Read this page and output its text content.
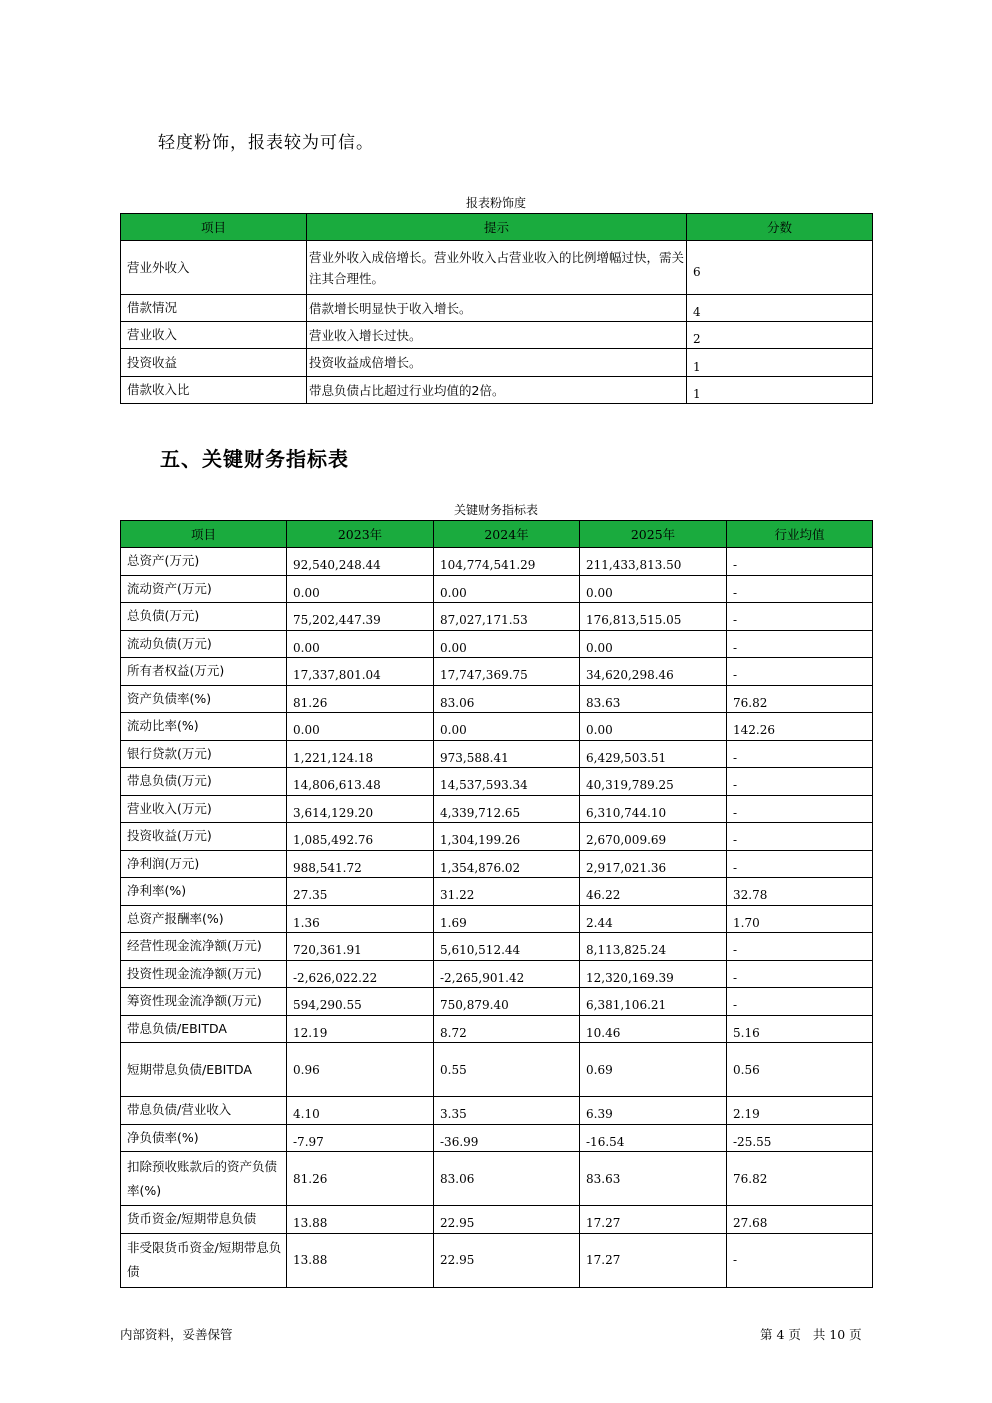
轻度粉饰，报表较为可信。
报表粉饰度
项目	提示	分数
营业外收入	营业外收入成倍增长。营业外收入占营业收入的比例增幅过快，需关注其合理性。	6
借款情况	借款增长明显快于收入增长。	4
营业收入	营业收入增长过快。	2
投资收益	投资收益成倍增长。	1
借款收入比	带息负债占比超过行业均值的2倍。	1
五、关键财务指标表
关键财务指标表
项目	2023年	2024年	2025年	行业均值
总资产(万元)	92,540,248.44	104,774,541.29	211,433,813.50	-
流动资产(万元)	0.00	0.00	0.00	-
总负债(万元)	75,202,447.39	87,027,171.53	176,813,515.05	-
流动负债(万元)	0.00	0.00	0.00	-
所有者权益(万元)	17,337,801.04	17,747,369.75	34,620,298.46	-
资产负债率(%)	81.26	83.06	83.63	76.82
流动比率(%)	0.00	0.00	0.00	142.26
银行贷款(万元)	1,221,124.18	973,588.41	6,429,503.51	-
带息负债(万元)	14,806,613.48	14,537,593.34	40,319,789.25	-
营业收入(万元)	3,614,129.20	4,339,712.65	6,310,744.10	-
投资收益(万元)	1,085,492.76	1,304,199.26	2,670,009.69	-
净利润(万元)	988,541.72	1,354,876.02	2,917,021.36	-
净利率(%)	27.35	31.22	46.22	32.78
总资产报酬率(%)	1.36	1.69	2.44	1.70
经营性现金流净额(万元)	720,361.91	5,610,512.44	8,113,825.24	-
投资性现金流净额(万元)	-2,626,022.22	-2,265,901.42	12,320,169.39	-
筹资性现金流净额(万元)	594,290.55	750,879.40	6,381,106.21	-
带息负债/EBITDA	12.19	8.72	10.46	5.16
短期带息负债/EBITDA	0.96	0.55	0.69	0.56
带息负债/营业收入	4.10	3.35	6.39	2.19
净负债率(%)	-7.97	-36.99	-16.54	-25.55
扣除预收账款后的资产负债率(%)	81.26	83.06	83.63	76.82
货币资金/短期带息负债	13.88	22.95	17.27	27.68
非受限货币资金/短期带息负债	13.88	22.95	17.27	-
内部资料，妥善保管	第 4 页   共 10 页
